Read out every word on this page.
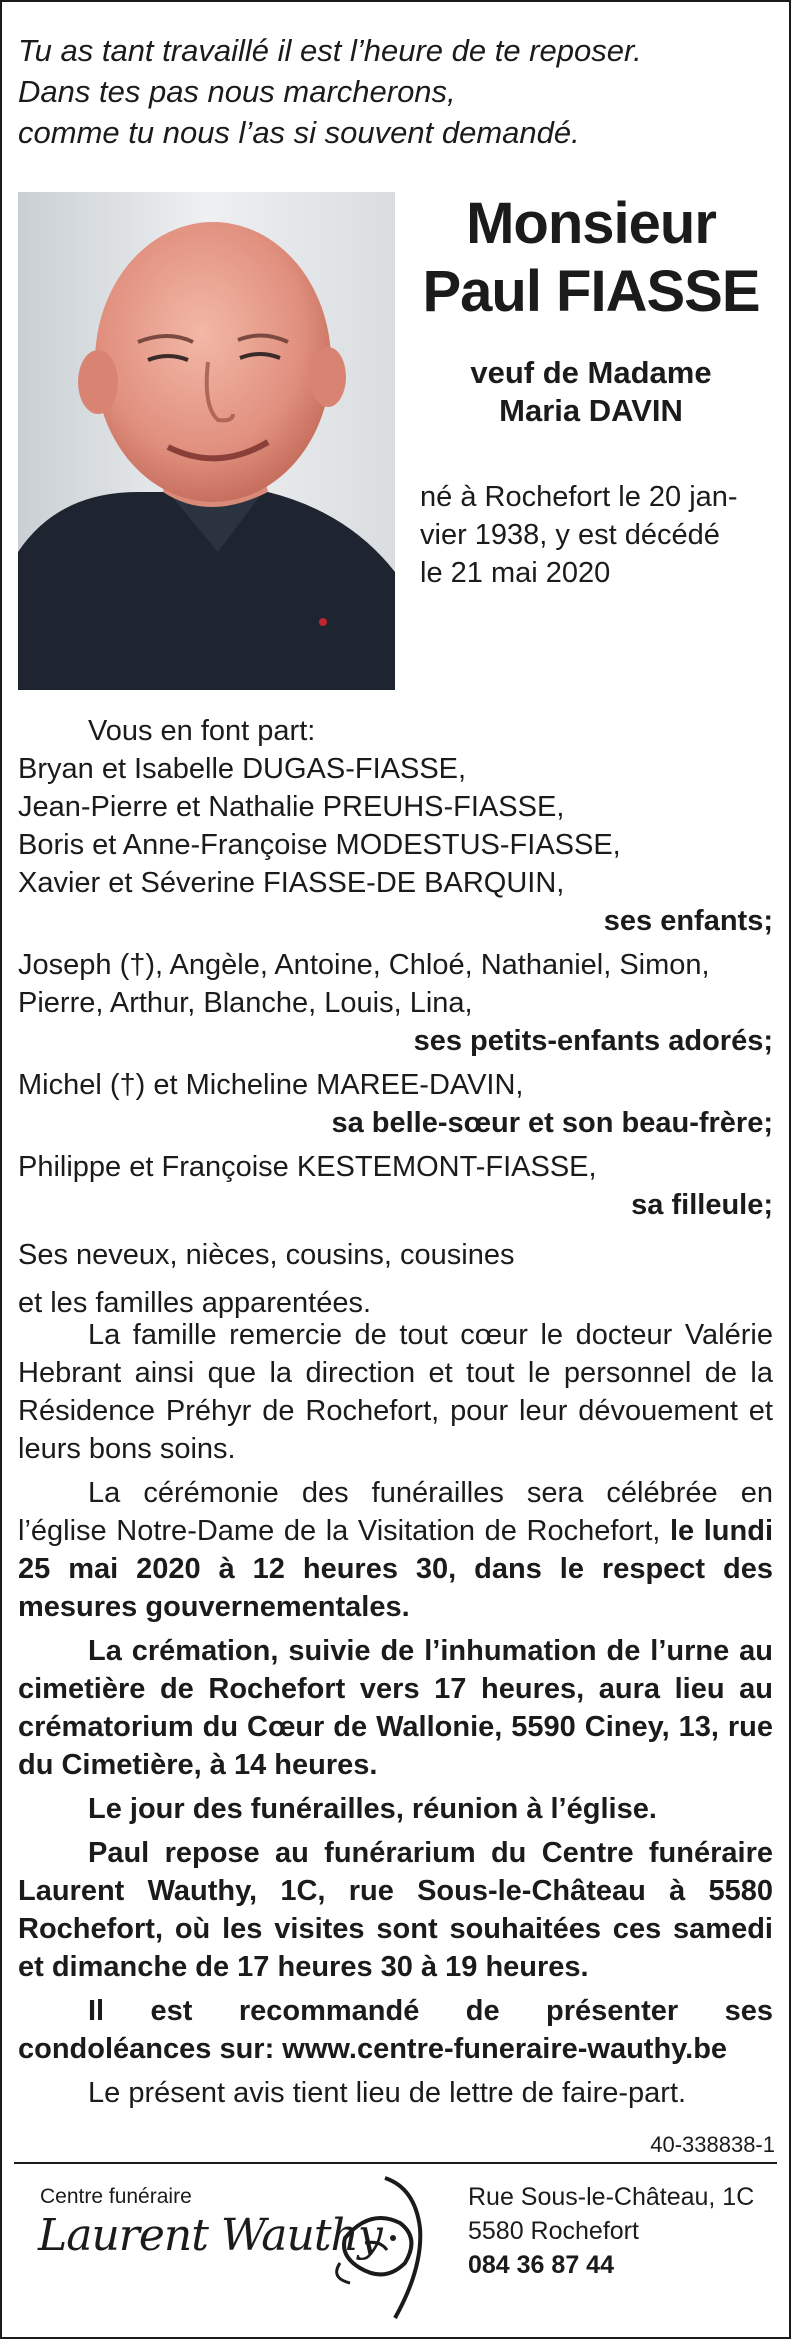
Tu as tant travaillé il est l’heure de te reposer.
Dans tes pas nous marcherons,
comme tu nous l’as si souvent demandé.
Monsieur
Paul FIASSE
veuf de Madame
Maria DAVIN
né à Rochefort le 20 jan-
vier 1938, y est décédé
le 21 mai 2020
Vous en font part:
Bryan et Isabelle DUGAS-FIASSE,
Jean-Pierre et Nathalie PREUHS-FIASSE,
Boris et Anne-Françoise MODESTUS-FIASSE,
Xavier et Séverine FIASSE-DE BARQUIN,
ses enfants;
Joseph (†), Angèle, Antoine, Chloé, Nathaniel, Simon,
Pierre, Arthur, Blanche, Louis, Lina,
ses petits-enfants adorés;
Michel (†) et Micheline MAREE-DAVIN,
sa belle-sœur et son beau-frère;
Philippe et Françoise KESTEMONT-FIASSE,
sa filleule;
Ses neveux, nièces, cousins, cousines
et les familles apparentées.
La famille remercie de tout cœur le docteur Valérie Hebrant ainsi que la direction et tout le personnel de la Résidence Préhyr de Rochefort, pour leur dévouement et leurs bons soins.
La cérémonie des funérailles sera célébrée en l’église Notre-Dame de la Visitation de Rochefort, le lundi 25 mai 2020 à 12 heures 30, dans le respect des mesures gouvernementales.
La crémation, suivie de l’inhumation de l’urne au cimetière de Rochefort vers 17 heures, aura lieu au crématorium du Cœur de Wallonie, 5590 Ciney, 13, rue du Cimetière, à 14 heures.
Le jour des funérailles, réunion à l’église.
Paul repose au funérarium du Centre funéraire Laurent Wauthy, 1C, rue Sous-le-Château à 5580 Rochefort, où les visites sont souhaitées ces samedi et dimanche de 17 heures 30 à 19 heures.
Il est recommandé de présenter ses condoléances sur: www.centre-funeraire-wauthy.be
Le présent avis tient lieu de lettre de faire-part.
40-338838-1
Centre funéraire
Laurent Wauthy
Rue Sous-le-Château, 1C
5580 Rochefort
084 36 87 44
